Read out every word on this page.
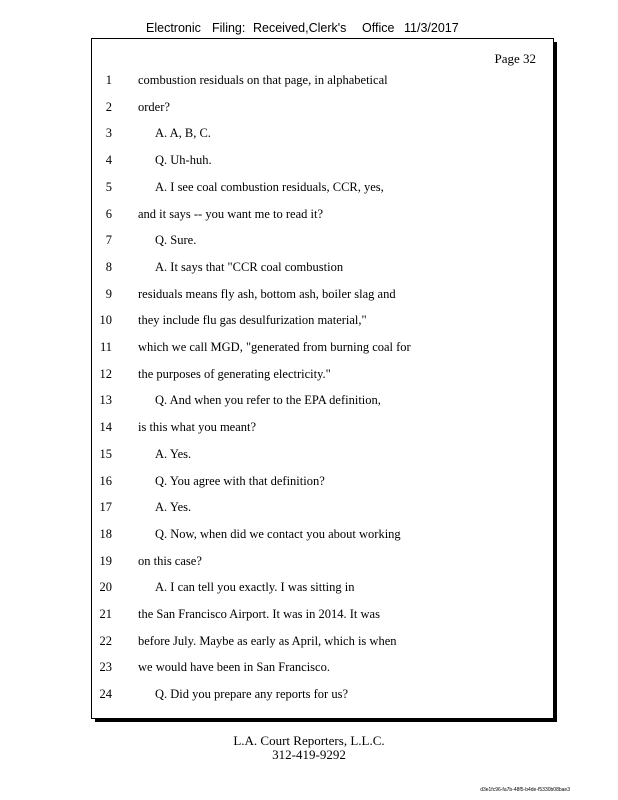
Electronic Filing: Received,Clerk's Office 11/3/2017
Page 32
1 combustion residuals on that page, in alphabetical
2 order?
3	A. A, B, C.
4	Q. Uh-huh.
5	A. I see coal combustion residuals, CCR, yes,
6 and it says -- you want me to read it?
7	Q. Sure.
8	A. It says that "CCR coal combustion
9 residuals means fly ash, bottom ash, boiler slag and
10 they include flu gas desulfurization material,"
11 which we call MGD, "generated from burning coal for
12 the purposes of generating electricity."
13	Q. And when you refer to the EPA definition,
14 is this what you meant?
15	A. Yes.
16	Q. You agree with that definition?
17	A. Yes.
18	Q. Now, when did we contact you about working
19 on this case?
20	A. I can tell you exactly. I was sitting in
21 the San Francisco Airport. It was in 2014. It was
22 before July. Maybe as early as April, which is when
23 we would have been in San Francisco.
24	Q. Did you prepare any reports for us?
L.A. Court Reporters, L.L.C.
312-419-9292
d3e1fc96-fa7b-48f5-b4de-f5330b08bae3
